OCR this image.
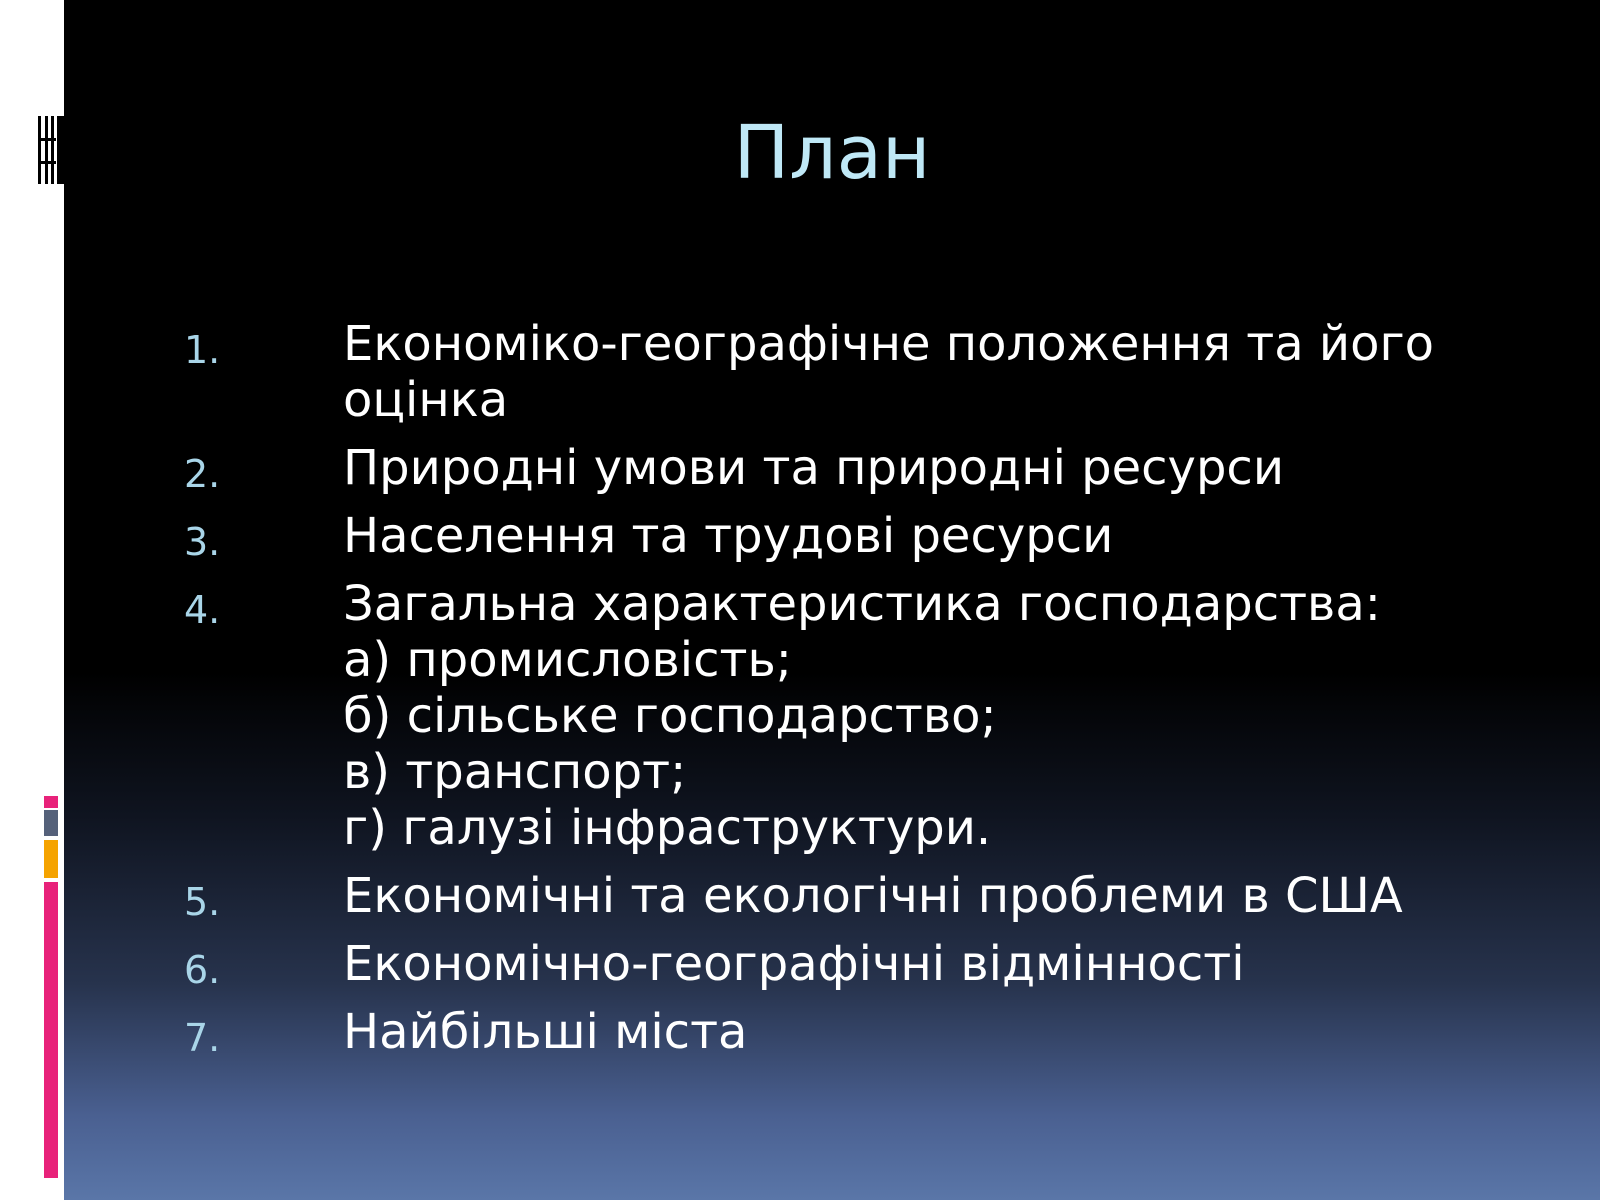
План
1.	Економіко-географічне положення та його оцінка
2.	Природні умови та природні ресурси
3.	Населення та трудові ресурси
4.	Загальна характеристика господарства:
а) промисловість;
б) сільське господарство;
в) транспорт;
г) галузі інфраструктури.
5.	Економічні та екологічні проблеми в США
6.	Економічно-географічні відмінності
7.	Найбільші міста
